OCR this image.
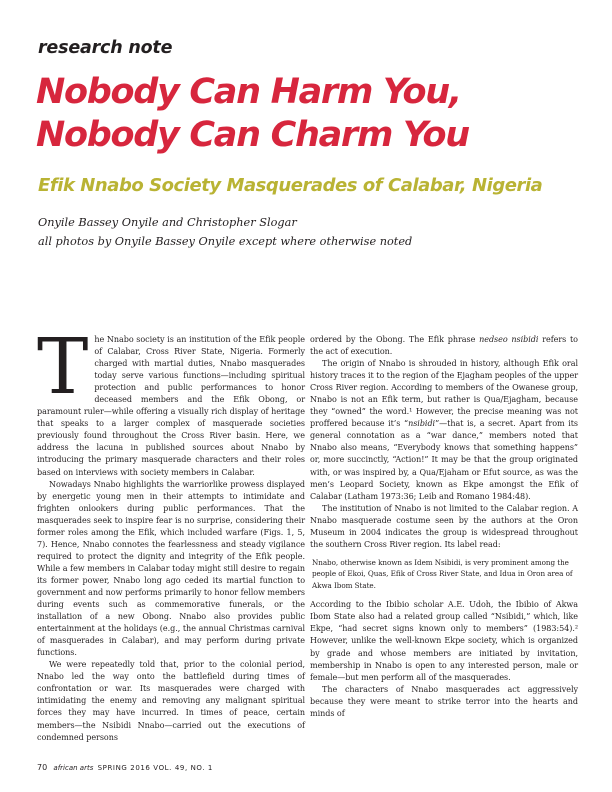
research note
Nobody Can Harm You, Nobody Can Charm You
Efik Nnabo Society Masquerades of Calabar, Nigeria
Onyile Bassey Onyile and Christopher Slogar
all photos by Onyile Bassey Onyile except where otherwise noted

The Nnabo society is an institution of the Efik people of Calabar, Cross River State, Nigeria. Formerly charged with martial duties, Nnabo masquerades today serve various functions—including spiritual protection and public performances to honor deceased members and the Efik Obong, or paramount ruler—while offering a visually rich display of heritage that speaks to a larger complex of masquerade societies previously found throughout the Cross River basin. Here, we address the lacuna in published sources about Nnabo by introducing the primary masquerade characters and their roles based on interviews with society members in Calabar.

Nowadays Nnabo highlights the warriorlike prowess displayed by energetic young men in their attempts to intimidate and frighten onlookers during public performances. That the masquerades seek to inspire fear is no surprise, considering their former roles among the Efik, which included warfare (Figs. 1, 5, 7). Hence, Nnabo connotes the fearlessness and steady vigilance required to protect the dignity and integrity of the Efik people. While a few members in Calabar today might still desire to regain its former power, Nnabo long ago ceded its martial function to government and now performs primarily to honor fellow members during events such as commemorative funerals, or the installation of a new Obong. Nnabo also provides public entertainment at the holidays (e.g., the annual Christmas carnival of masquerades in Calabar), and may perform during private functions.

We were repeatedly told that, prior to the colonial period, Nnabo led the way onto the battlefield during times of confrontation or war. Its masquerades were charged with intimidating the enemy and removing any malignant spiritual forces they may have incurred. In times of peace, certain members—the Nsibidi Nnabo—carried out the executions of condemned persons

ordered by the Obong. The Efik phrase nedseo nsibidi refers to the act of execution.

The origin of Nnabo is shrouded in history, although Efik oral history traces it to the region of the Ejagham peoples of the upper Cross River region. According to members of the Owanese group, Nnabo is not an Efik term, but rather is Qua/Ejagham, because they “owned” the word.¹ However, the precise meaning was not proffered because it’s “nsibidi”—that is, a secret. Apart from its general connotation as a “war dance,” members noted that Nnabo also means, “Everybody knows that something happens” or, more succinctly, “Action!” It may be that the group originated with, or was inspired by, a Qua/Ejaham or Efut source, as was the men’s Leopard Society, known as Ekpe amongst the Efik of Calabar (Latham 1973:36; Leib and Romano 1984:48).

The institution of Nnabo is not limited to the Calabar region. A Nnabo masquerade costume seen by the authors at the Oron Museum in 2004 indicates the group is widespread throughout the southern Cross River region. Its label read:

Nnabo, otherwise known as Idem Nsibidi, is very prominent among the people of Ekoi, Quas, Efik of Cross River State, and Idua in Oron area of Akwa Ibom State.

According to the Ibibio scholar A.E. Udoh, the Ibibio of Akwa Ibom State also had a related group called “Nsibidi,” which, like Ekpe, “had secret signs known only to members” (1983:54).² However, unlike the well-known Ekpe society, which is organized by grade and whose members are initiated by invitation, membership in Nnabo is open to any interested person, male or female—but men perform all of the masquerades.

The characters of Nnabo masquerades act aggressively because they were meant to strike terror into the hearts and minds of

70 african arts SPRING 2016 VOL. 49, NO. 1
